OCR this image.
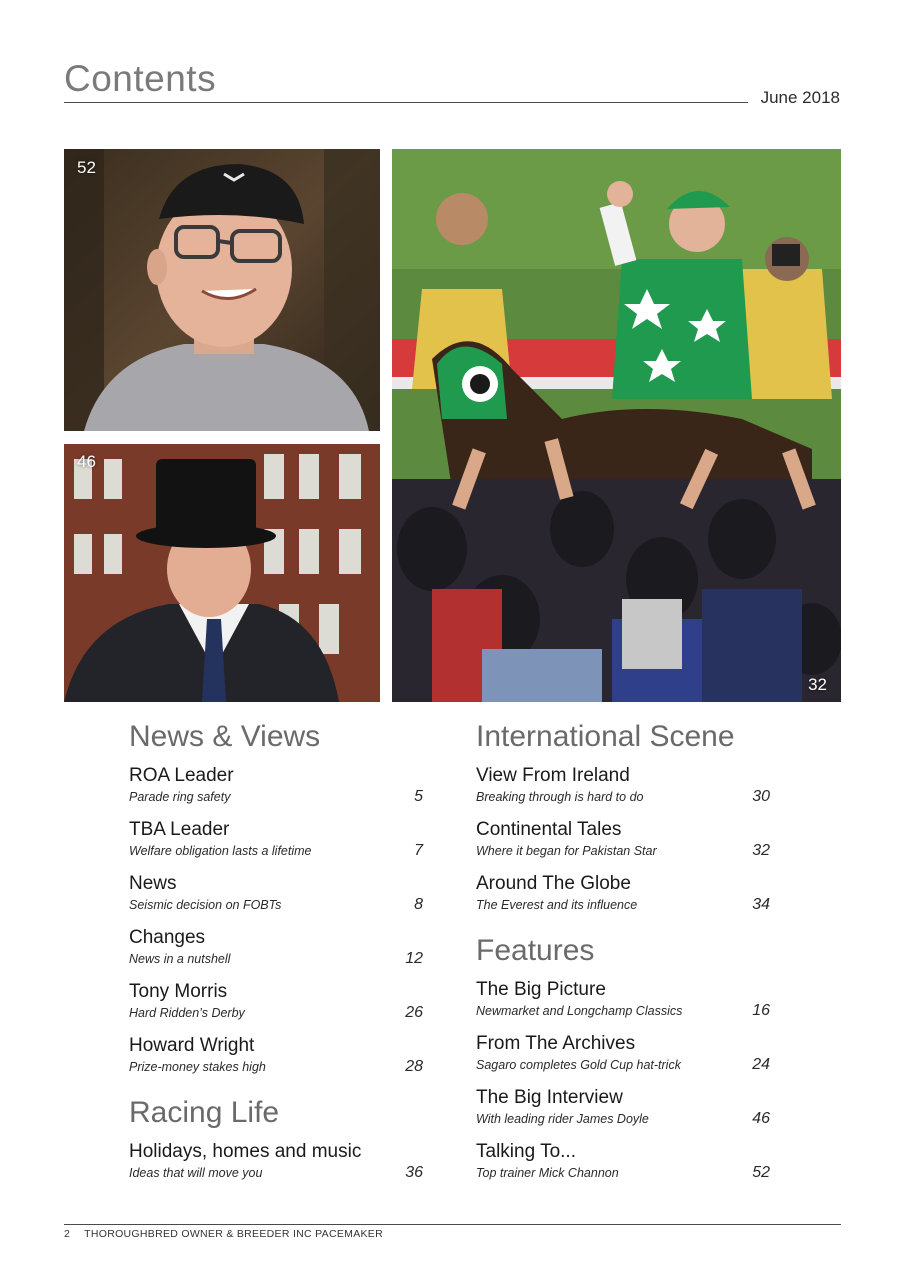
Contents	June 2018
52
46
32
News & Views
ROA Leader
Parade ring safety	5
TBA Leader
Welfare obligation lasts a lifetime	7
News
Seismic decision on FOBTs	8
Changes
News in a nutshell	12
Tony Morris
Hard Ridden’s Derby	26
Howard Wright
Prize-money stakes high	28
Racing Life
Holidays, homes and music
Ideas that will move you	36
International Scene
View From Ireland
Breaking through is hard to do	30
Continental Tales
Where it began for Pakistan Star	32
Around The Globe
The Everest and its influence	34
Features
The Big Picture
Newmarket and Longchamp Classics	16
From The Archives
Sagaro completes Gold Cup hat-trick	24
The Big Interview
With leading rider James Doyle	46
Talking To...
Top trainer Mick Channon	52
2 THOROUGHBRED OWNER & BREEDER INC PACEMAKER
